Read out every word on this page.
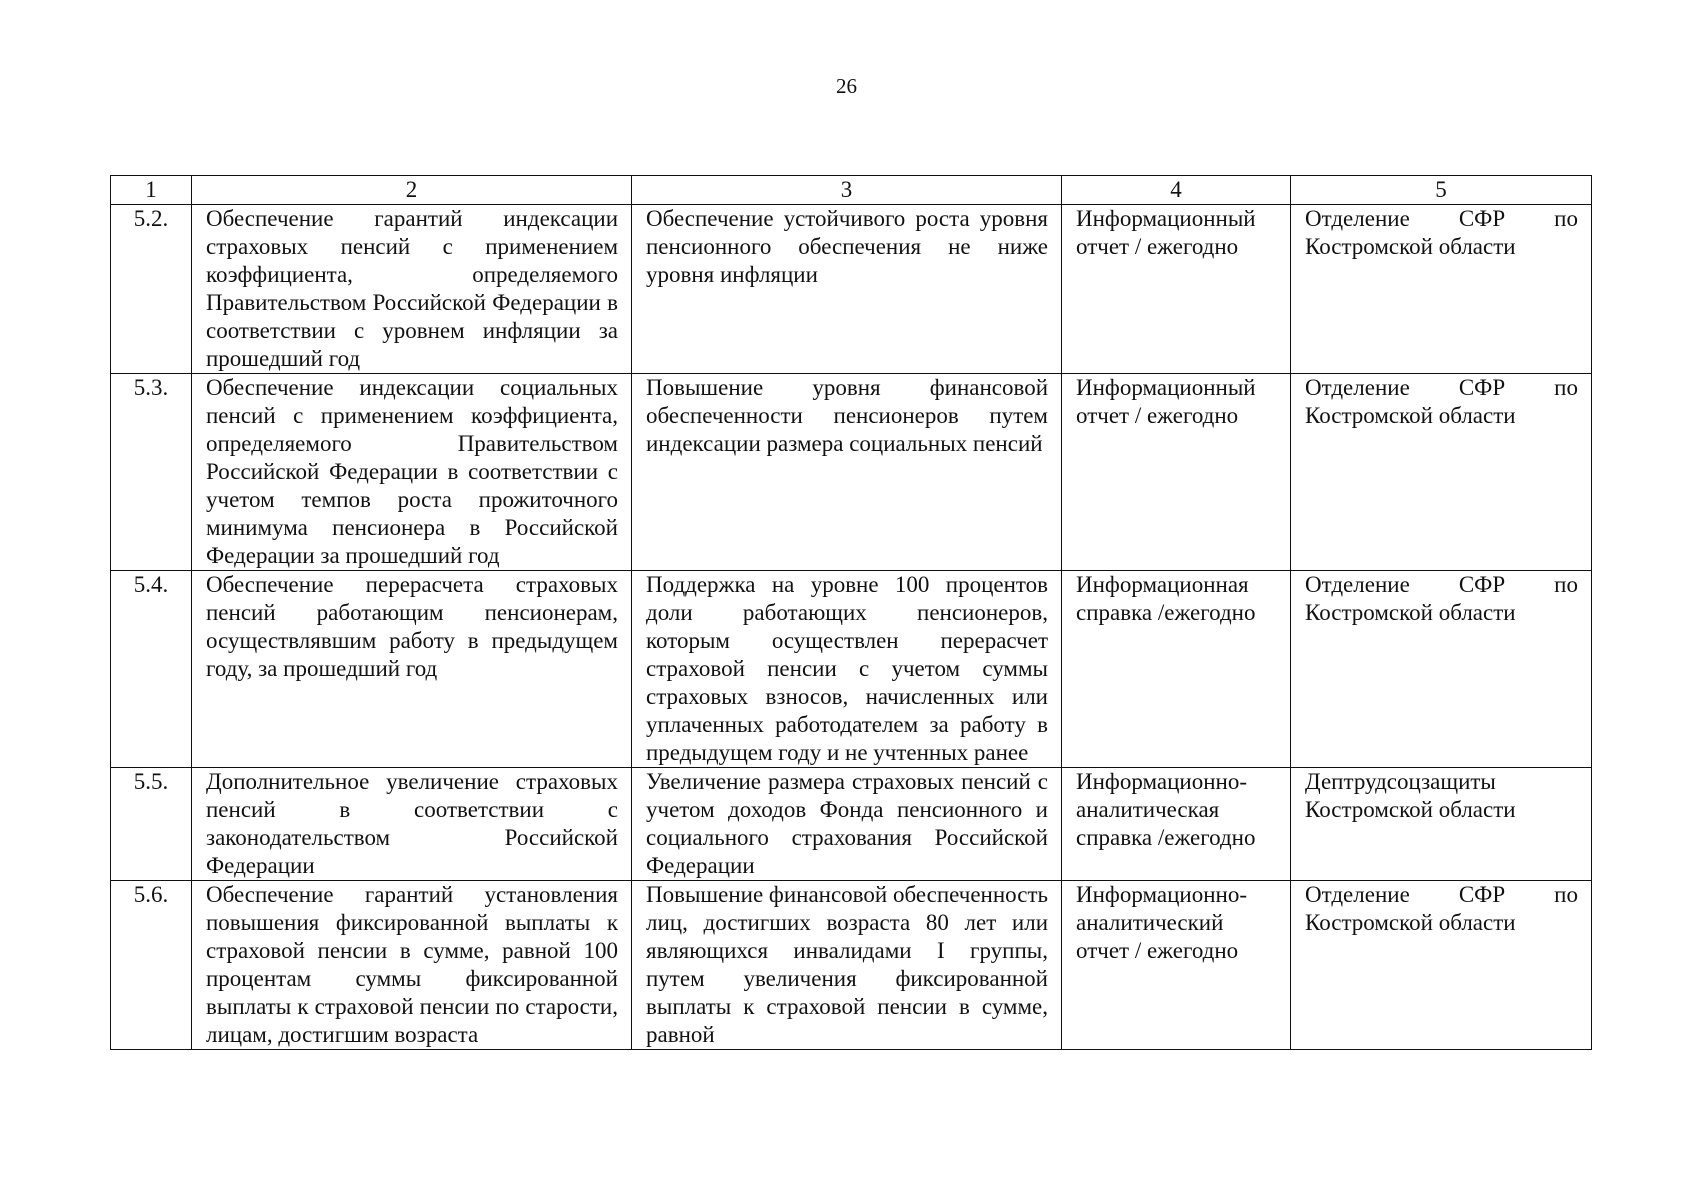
26
1	2	3	4	5
5.2.	Обеспечение гарантий индексации страховых пенсий с применением коэффициента, определяемого Правительством Российской Федерации в соответствии с уровнем инфляции за прошедший год	Обеспечение устойчивого роста уровня пенсионного обеспечения не ниже уровня инфляции	Информационный отчет / ежегодно	Отделение СФР по Костромской области
5.3.	Обеспечение индексации социальных пенсий с применением коэффициента, определяемого Правительством Российской Федерации в соответствии с учетом темпов роста прожиточного минимума пенсионера в Российской Федерации за прошедший год	Повышение уровня финансовой обеспеченности пенсионеров путем индексации размера социальных пенсий	Информационный отчет / ежегодно	Отделение СФР по Костромской области
5.4.	Обеспечение перерасчета страховых пенсий работающим пенсионерам, осуществлявшим работу в предыдущем году, за прошедший год	Поддержка на уровне 100 процентов доли работающих пенсионеров, которым осуществлен перерасчет страховой пенсии с учетом суммы страховых взносов, начисленных или уплаченных работодателем за работу в предыдущем году и не учтенных ранее	Информационная справка /ежегодно	Отделение СФР по Костромской области
5.5.	Дополнительное увеличение страховых пенсий в соответствии с законодательством Российской Федерации	Увеличение размера страховых пенсий с учетом доходов Фонда пенсионного и социального страхования Российской Федерации	Информационно-аналитическая справка /ежегодно	Дептрудсоцзащиты Костромской области

5.6.	Обеспечение гарантий установления повышения фиксированной выплаты к страховой пенсии в сумме, равной 100 процентам суммы фиксированной выплаты к страховой пенсии по старости, лицам, достигшим возраста	Повышение финансовой обеспеченность лиц, достигших возраста 80 лет или являющихся инвалидами I группы, путем увеличения фиксированной выплаты к страховой пенсии в сумме, равной	Информационно-аналитический отчет / ежегодно	Отделение СФР по Костромской области
